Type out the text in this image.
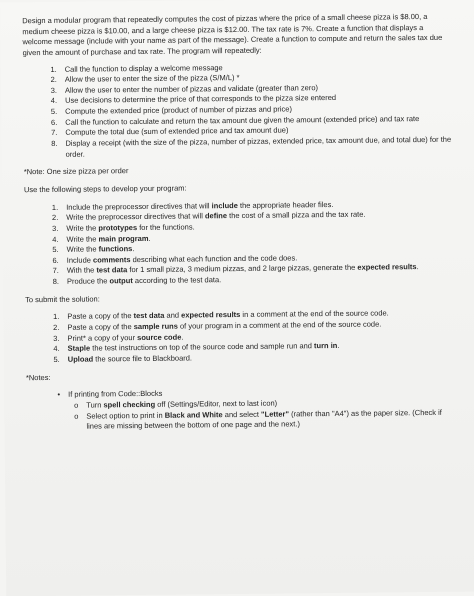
Design a modular program that repeatedly computes the cost of pizzas where the price of a small cheese pizza is $8.00, a medium cheese pizza is $10.00, and a large cheese pizza is $12.00. The tax rate is 7%. Create a function that displays a welcome message (include with your name as part of the message). Create a function to compute and return the sales tax due given the amount of purchase and tax rate. The program will repeatedly:

1.	Call the function to display a welcome message
2.	Allow the user to enter the size of the pizza (S/M/L) *
3.	Allow the user to enter the number of pizzas and validate (greater than zero)
4.	Use decisions to determine the price of that corresponds to the pizza size entered
5.	Compute the extended price (product of number of pizzas and price)
6.	Call the function to calculate and return the tax amount due given the amount (extended price) and tax rate
7.	Compute the total due (sum of extended price and tax amount due)
8.	Display a receipt (with the size of the pizza, number of pizzas, extended price, tax amount due, and total due) for the order.

*Note: One size pizza per order

Use the following steps to develop your program:

1.	Include the preprocessor directives that will include the appropriate header files.
2.	Write the preprocessor directives that will define the cost of a small pizza and the tax rate.
3.	Write the prototypes for the functions.
4.	Write the main program.
5.	Write the functions.
6.	Include comments describing what each function and the code does.
7.	With the test data for 1 small pizza, 3 medium pizzas, and 2 large pizzas, generate the expected results.
8.	Produce the output according to the test data.

To submit the solution:

1.	Paste a copy of the test data and expected results in a comment at the end of the source code.
2.	Paste a copy of the sample runs of your program in a comment at the end of the source code.
3.	Print* a copy of your source code.
4.	Staple the test instructions on top of the source code and sample run and turn in.
5.	Upload the source file to Blackboard.

*Notes:

•	If printing from Code::Blocks
o	Turn spell checking off (Settings/Editor, next to last icon)
o	Select option to print in Black and White and select "Letter" (rather than "A4") as the paper size. (Check if lines are missing between the bottom of one page and the next.)
